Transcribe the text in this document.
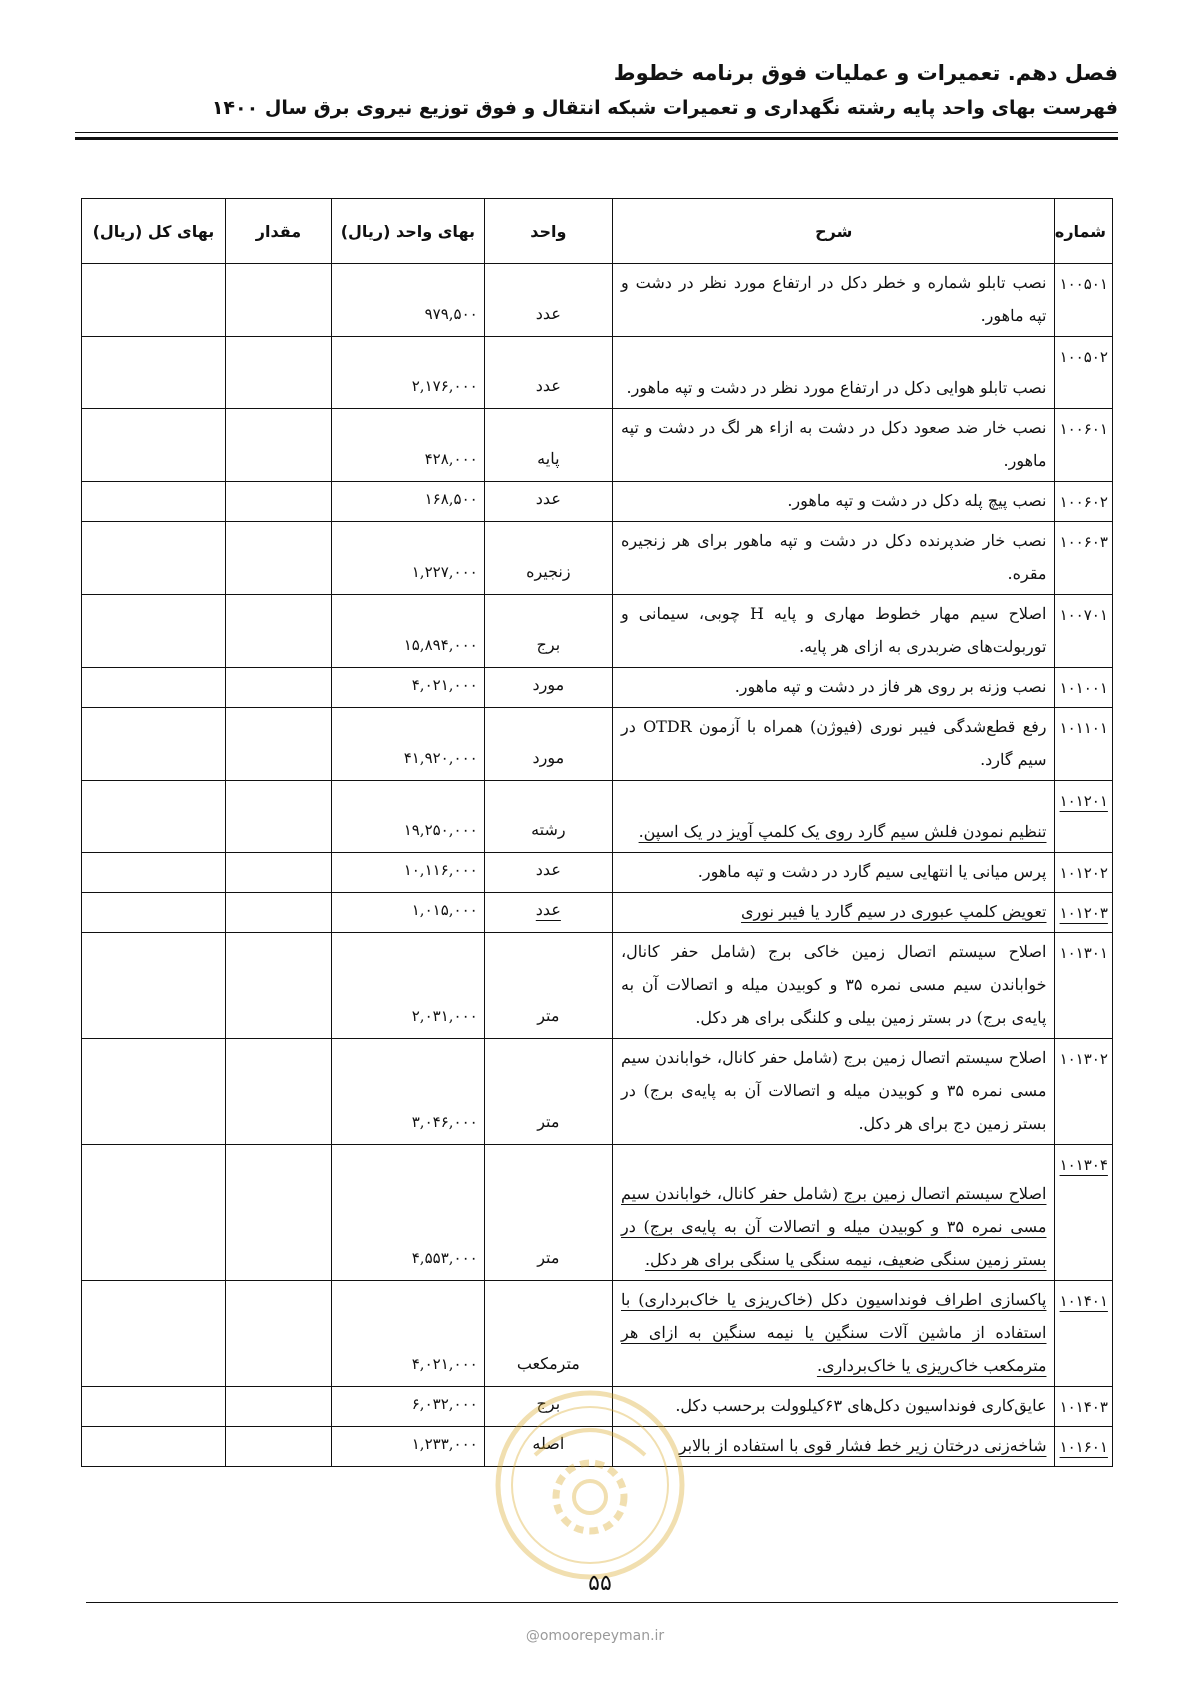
فصل دهم. تعمیرات و عملیات فوق برنامه خطوط
فهرست بهای واحد پایه رشته نگهداری و تعمیرات شبکه انتقال و فوق توزیع نیروی برق سال ۱۴۰۰
شماره	شرح	واحد	بهای واحد (ریال)	مقدار	بهای کل (ریال)
۱۰۰۵۰۱	نصب تابلو شماره و خطر دکل در ارتفاع مورد نظر در دشت و تپه ماهور.	عدد	۹۷۹,۵۰۰		
۱۰۰۵۰۲	نصب تابلو هوایی دکل در ارتفاع مورد نظر در دشت و تپه ماهور.	عدد	۲,۱۷۶,۰۰۰		
۱۰۰۶۰۱	نصب خار ضد صعود دکل در دشت به ازاء هر لگ در دشت و تپه ماهور.	پایه	۴۲۸,۰۰۰		
۱۰۰۶۰۲	نصب پیچ پله دکل در دشت و تپه ماهور.	عدد	۱۶۸,۵۰۰		
۱۰۰۶۰۳	نصب خار ضدپرنده دکل در دشت و تپه ماهور برای هر زنجیره مقره.	زنجیره	۱,۲۲۷,۰۰۰		
۱۰۰۷۰۱	اصلاح سیم مهار خطوط مهاری و پایه H چوبی، سیمانی و توربولت‌های ضربدری به ازای هر پایه.	برج	۱۵,۸۹۴,۰۰۰		
۱۰۱۰۰۱	نصب وزنه بر روی هر فاز در دشت و تپه ماهور.	مورد	۴,۰۲۱,۰۰۰		
۱۰۱۱۰۱	رفع قطع‌شدگی فیبر نوری (فیوژن) همراه با آزمون OTDR در سیم گارد.	مورد	۴۱,۹۲۰,۰۰۰		
۱۰۱۲۰۱	تنظیم نمودن فلش سیم گارد روی یک کلمپ آویز در یک اسپن.	رشته	۱۹,۲۵۰,۰۰۰		
۱۰۱۲۰۲	پرس میانی یا انتهایی سیم گارد در دشت و تپه ماهور.	عدد	۱۰,۱۱۶,۰۰۰		
۱۰۱۲۰۳	تعویض کلمپ عبوری در سیم گارد یا فیبر نوری	عدد	۱,۰۱۵,۰۰۰		
۱۰۱۳۰۱	اصلاح سیستم اتصال زمین خاکی برج (شامل حفر کانال، خواباندن سیم مسی نمره ۳۵ و کوبیدن میله و اتصالات آن به پایه‌ی برج) در بستر زمین بیلی و کلنگی برای هر دکل.	متر	۲,۰۳۱,۰۰۰		
۱۰۱۳۰۲	اصلاح سیستم اتصال زمین برج (شامل حفر کانال، خواباندن سیم مسی نمره ۳۵ و کوبیدن میله و اتصالات آن به پایه‌ی برج) در بستر زمین دج برای هر دکل.	متر	۳,۰۴۶,۰۰۰		
۱۰۱۳۰۴	اصلاح سیستم اتصال زمین برج (شامل حفر کانال، خواباندن سیم مسی نمره ۳۵ و کوبیدن میله و اتصالات آن به پایه‌ی برج) در بستر زمین سنگی ضعیف، نیمه سنگی یا سنگی برای هر دکل.	متر	۴,۵۵۳,۰۰۰		
۱۰۱۴۰۱	پاکسازی اطراف فونداسیون دکل (خاک‌ریزی یا خاک‌برداری) با استفاده از ماشین آلات سنگین یا نیمه سنگین به ازای هر مترمکعب خاک‌ریزی یا خاک‌برداری.	مترمکعب	۴,۰۲۱,۰۰۰		
۱۰۱۴۰۳	عایق‌کاری فونداسیون دکل‌های ۶۳کیلوولت برحسب دکل.	برج	۶,۰۳۲,۰۰۰		
۱۰۱۶۰۱	شاخه‌زنی درختان زیر خط فشار قوی با استفاده از بالابر	اصله	۱,۲۳۳,۰۰۰		
۵۵
@omoorepeyman.ir
